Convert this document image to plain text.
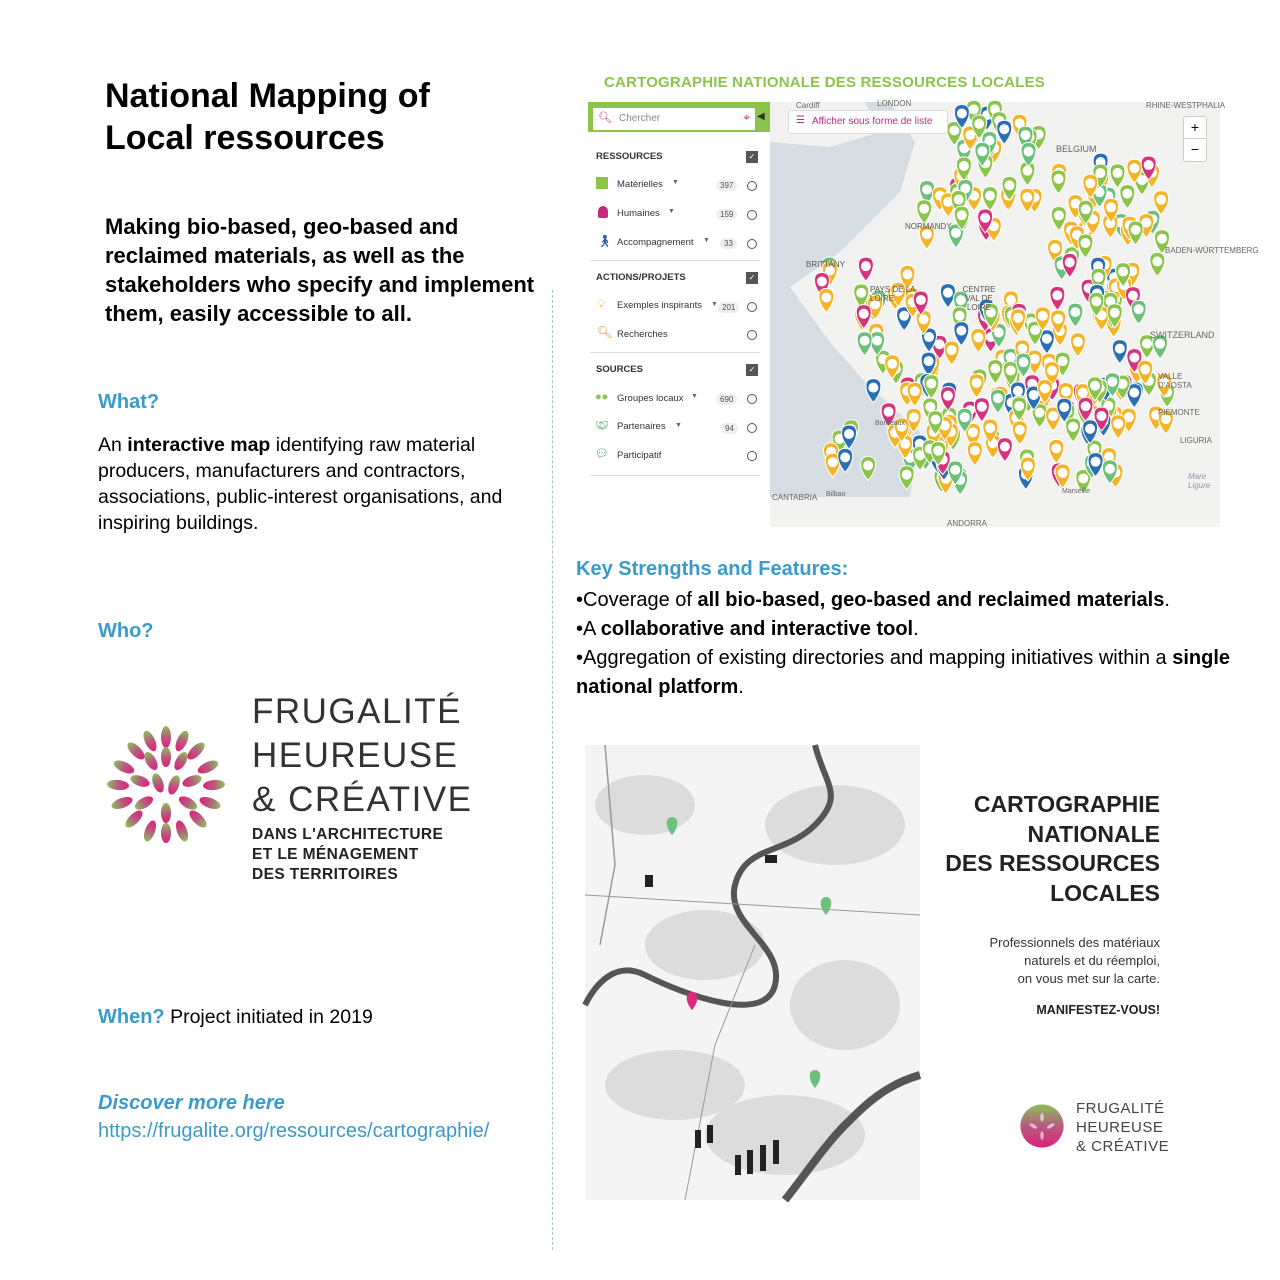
National Mapping of Local ressources
Making bio-based, geo-based and reclaimed materials, as well as the stakeholders who specify and implement them, easily accessible to all.
What?
An interactive map identifying raw material producers, manufacturers and contractors, associations, public-interest organisations, and inspiring buildings.
Who?
FRUGALITÉ
HEUREUSE
& CRÉATIVE
DANS L'ARCHITECTURE
ET LE MÉNAGEMENT
DES TERRITOIRES
When? Project initiated in 2019
Discover more here
https://frugalite.org/ressources/cartographie/
CARTOGRAPHIE NATIONALE DES RESSOURCES LOCALES
🔍︎ Chercher	⌖ ◀
RESSOURCES	✓
Matérielles ▼	397
Humaines ▼	159
🚶︎ Accompagnement ▼	33
ACTIONS/PROJETS	✓
💡︎ Exemples inspirants ▼ 201
🔍︎ Recherches
SOURCES	✓
●● Groupes locaux ▼	690
🤝︎ Partenaires ▼	94
💬︎ Participatif
LONDON
Cardiff
BELGIUM
NORMANDY
BRITTANY
PAYS DE LA LOIRE
CENTRE VAL DE LOIRE
SWITZERLAND
BADEN-WÜRTTEMBERG
RHINE-WESTPHALIA
VALLE D'AOSTA
PIEMONTE
LIGURIA
CANTABRIA
Bordeaux
Marseille
Bilbao
ANDORRA
Mare Ligure
☰ Afficher sous forme de liste	+
−
Key Strengths and Features:
•Coverage of all bio-based, geo-based and reclaimed materials.
•A collaborative and interactive tool.
•Aggregation of existing directories and mapping initiatives within a single national platform.
CARTOGRAPHIE
NATIONALE
DES RESSOURCES
LOCALES
Professionnels des matériaux
naturels et du réemploi,
on vous met sur la carte.
MANIFESTEZ-VOUS!
FRUGALITÉ
HEUREUSE
& CRÉATIVE
